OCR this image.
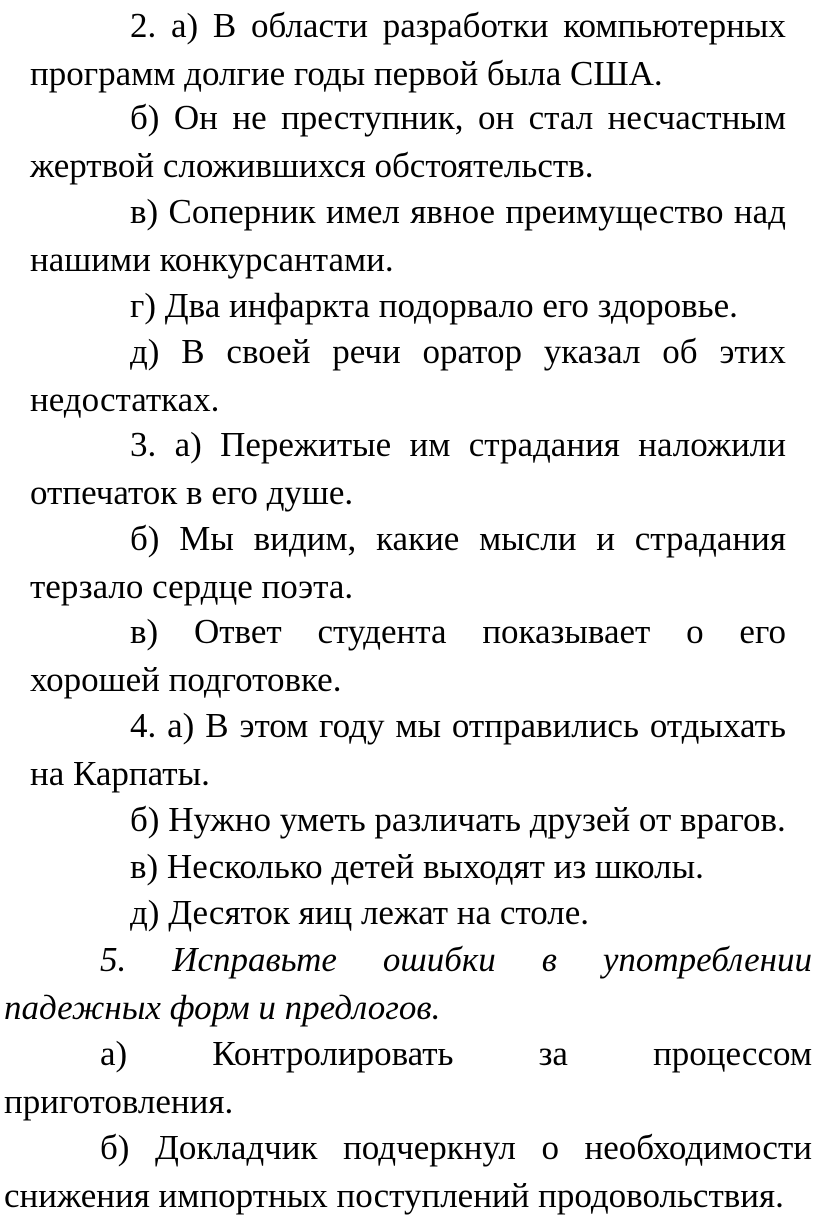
2. а) В области разработки компьютерных
программ долгие годы первой была США.
б) Он не преступник, он стал несчастным
жертвой сложившихся обстоятельств.
в) Соперник имел явное преимущество над
нашими конкурсантами.
г) Два инфаркта подорвало его здоровье.
д) В своей речи оратор указал об этих
недостатках.
3. а) Пережитые им страдания наложили
отпечаток в его душе.
б) Мы видим, какие мысли и страдания
терзало сердце поэта.
в) Ответ студента показывает о его
хорошей подготовке.
4. а) В этом году мы отправились отдыхать
на Карпаты.
б) Нужно уметь различать друзей от врагов.
в) Несколько детей выходят из школы.
д) Десяток яиц лежат на столе.
5. Исправьте ошибки в употреблении
падежных форм и предлогов.
а) Контролировать за процессом
приготовления.
б) Докладчик подчеркнул о необходимости
снижения импортных поступлений продовольствия.
